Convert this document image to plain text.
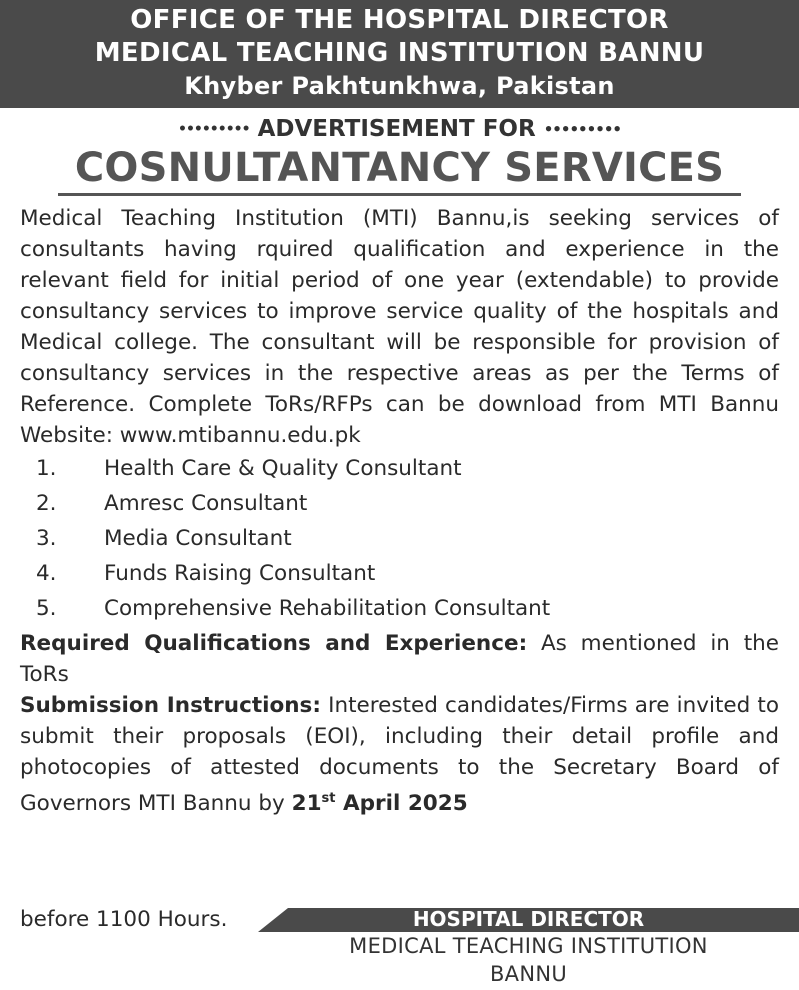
OFFICE OF THE HOSPITAL DIRECTOR
MEDICAL TEACHING INSTITUTION BANNU
Khyber Pakhtunkhwa, Pakistan
••••••••• ADVERTISEMENT FOR •••••••••
COSNULTANTANCY SERVICES
Medical Teaching Institution (MTI) Bannu,is seeking services of consultants having rquired qualification and experience in the relevant field for initial period of one year (extendable) to provide consultancy services to improve service quality of the hospitals and Medical college. The consultant will be responsible for provision of consultancy services in the respective areas as per the Terms of Reference. Complete ToRs/RFPs can be download from MTI Bannu Website: www.mtibannu.edu.pk
1.	Health Care & Quality Consultant
2.	Amresc Consultant
3.	Media Consultant
4.	Funds Raising Consultant
5.	Comprehensive Rehabilitation Consultant
Required Qualifications and Experience: As mentioned in the ToRs
Submission Instructions: Interested candidates/Firms are invited to submit their proposals (EOI), including their detail profile and photocopies of attested documents to the Secretary Board of Governors MTI Bannu by 21st April 2025
before 1100 Hours.	HOSPITAL DIRECTOR
MEDICAL TEACHING INSTITUTION
BANNU
